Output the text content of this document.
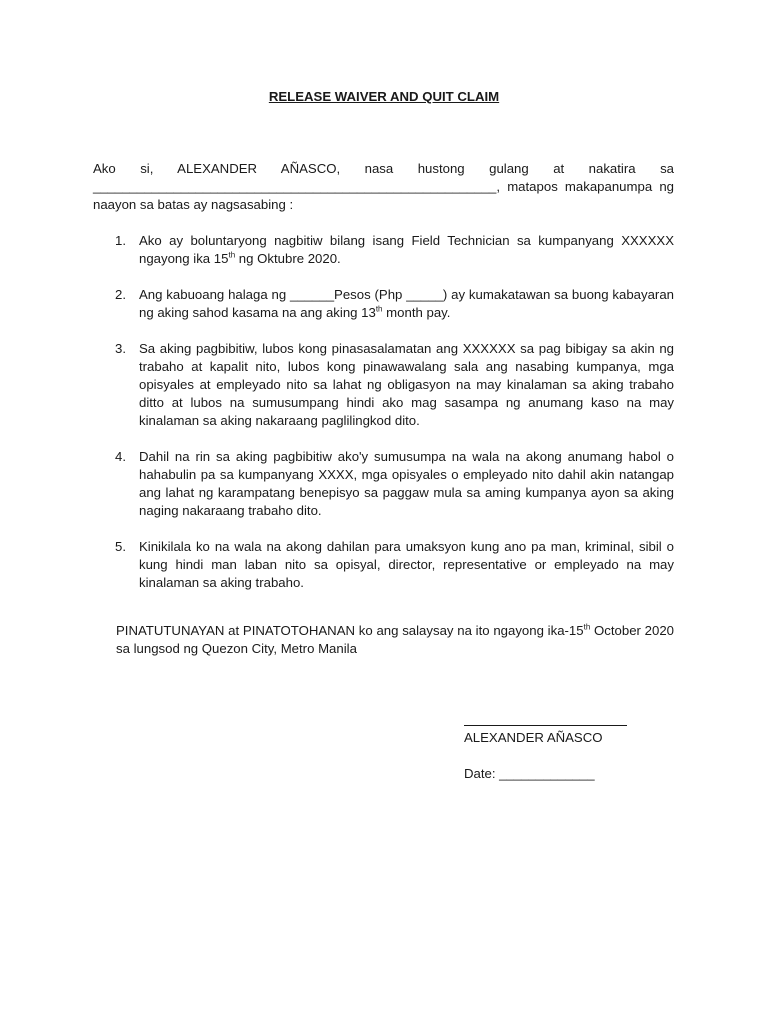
RELEASE WAIVER AND QUIT CLAIM
Ako si, ALEXANDER AÑASCO, nasa hustong gulang at nakatira sa
_______________________________________________________, matapos makapanumpa ng
naayon sa batas ay nagsasabing :
1. Ako ay boluntaryong nagbitiw bilang isang Field Technician sa kumpanyang XXXXXX ngayong ika 15th ng Oktubre 2020.
2. Ang kabuoang halaga ng ______Pesos (Php _____) ay kumakatawan sa buong kabayaran ng aking sahod kasama na ang aking 13th month pay.
3. Sa aking pagbibitiw, lubos kong pinasasalamatan ang XXXXXX sa pag bibigay sa akin ng trabaho at kapalit nito, lubos kong pinawawalang sala ang nasabing kumpanya, mga opisyales at empleyado nito sa lahat ng obligasyon na may kinalaman sa aking trabaho ditto at lubos na sumusumpang hindi ako mag sasampa ng anumang kaso na may kinalaman sa aking nakaraang paglilingkod dito.
4. Dahil na rin sa aking pagbibitiw ako'y sumusumpa na wala na akong anumang habol o hahabulin pa sa kumpanyang XXXX, mga opisyales o empleyado nito dahil akin natangap ang lahat ng karampatang benepisyo sa paggaw mula sa aming kumpanya ayon sa aking naging nakaraang trabaho dito.
5. Kinikilala ko na wala na akong dahilan para umaksyon kung ano pa man, kriminal, sibil o kung hindi man laban nito sa opisyal, director, representative or empleyado na may kinalaman sa aking trabaho.
PINATUTUNAYAN at PINATOTOHANAN ko ang salaysay na ito ngayong ika-15th October 2020 sa lungsod ng Quezon City, Metro Manila
ALEXANDER AÑASCO
Date: _____________
